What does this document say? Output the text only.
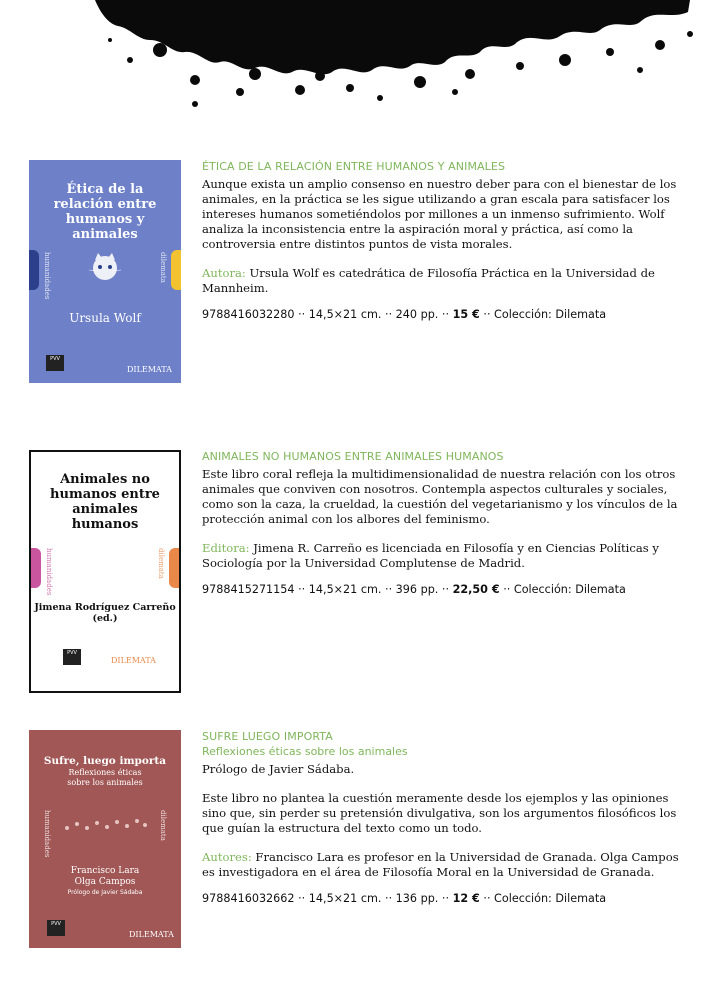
Ética de la relación entre humanos y animales
humanidades	dilemata
Ursula Wolf
PVV
DILEMATA

ÉTICA DE LA RELACIÓN ENTRE HUMANOS Y ANIMALES

Aunque exista un amplio consenso en nuestro deber para con el bienestar de los animales, en la práctica se les sigue utilizando a gran escala para satisfacer los intereses humanos sometiéndolos por millones a un inmenso sufrimiento. Wolf analiza la inconsistencia entre la aspiración moral y práctica, así como la controversia entre distintos puntos de vista morales.

Autora: Ursula Wolf es catedrática de Filosofía Práctica en la Universidad de Mannheim.

9788416032280 ·· 14,5×21 cm. ·· 240 pp. ·· 15 € ·· Colección: Dilemata

Animales no humanos entre animales humanos
humanidades	dilemata
Jimena Rodríguez Carreño (ed.)
PVV
DILEMATA

ANIMALES NO HUMANOS ENTRE ANIMALES HUMANOS

Este libro coral refleja la multidimensionalidad de nuestra relación con los otros animales que conviven con nosotros. Contempla aspectos culturales y sociales, como son la caza, la crueldad, la cuestión del vegetarianismo y los vínculos de la protección animal con los albores del feminismo.

Editora: Jimena R. Carreño es licenciada en Filosofía y en Ciencias Políticas y Sociología por la Universidad Complutense de Madrid.

9788415271154 ·· 14,5×21 cm. ·· 396 pp. ·· 22,50 € ·· Colección: Dilemata

Sufre, luego importa
Reflexiones éticas sobre los animales
humanidades	dilemata
Francisco Lara
Olga Campos
Prólogo de Javier Sádaba
PVV
DILEMATA

SUFRE LUEGO IMPORTA

Reflexiones éticas sobre los animales

Prólogo de Javier Sádaba.

Este libro no plantea la cuestión meramente desde los ejemplos y las opiniones sino que, sin perder su pretensión divulgativa, son los argumentos filosóficos los que guían la estructura del texto como un todo.

Autores: Francisco Lara es profesor en la Universidad de Granada. Olga Campos es investigadora en el área de Filosofía Moral en la Universidad de Granada.

9788416032662 ·· 14,5×21 cm. ·· 136 pp. ·· 12 € ·· Colección: Dilemata
